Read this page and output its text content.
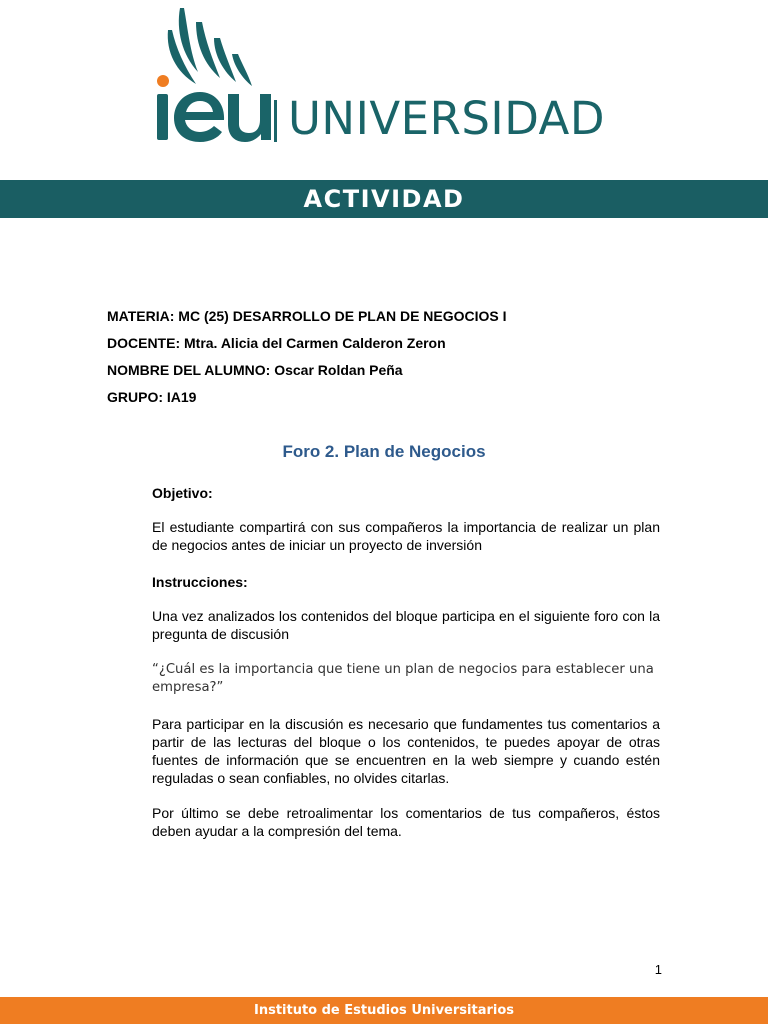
UNIVERSIDAD
ACTIVIDAD
MATERIA: MC (25) DESARROLLO DE PLAN DE NEGOCIOS I
DOCENTE: Mtra. Alicia del Carmen Calderon Zeron
NOMBRE DEL ALUMNO: Oscar Roldan Peña
GRUPO: IA19
Foro 2. Plan de Negocios
Objetivo:
El estudiante compartirá con sus compañeros la importancia de realizar un plan de negocios antes de iniciar un proyecto de inversión
Instrucciones:
Una vez analizados los contenidos del bloque participa en el siguiente foro con la pregunta de discusión
“¿Cuál es la importancia que tiene un plan de negocios para establecer una empresa?”
Para participar en la discusión es necesario que fundamentes tus comentarios a partir de las lecturas del bloque o los contenidos, te puedes apoyar de otras fuentes de información que se encuentren en la web siempre y cuando estén reguladas o sean confiables, no olvides citarlas.
Por último se debe retroalimentar los comentarios de tus compañeros, éstos deben ayudar a la compresión del tema.
1
Instituto de Estudios Universitarios
